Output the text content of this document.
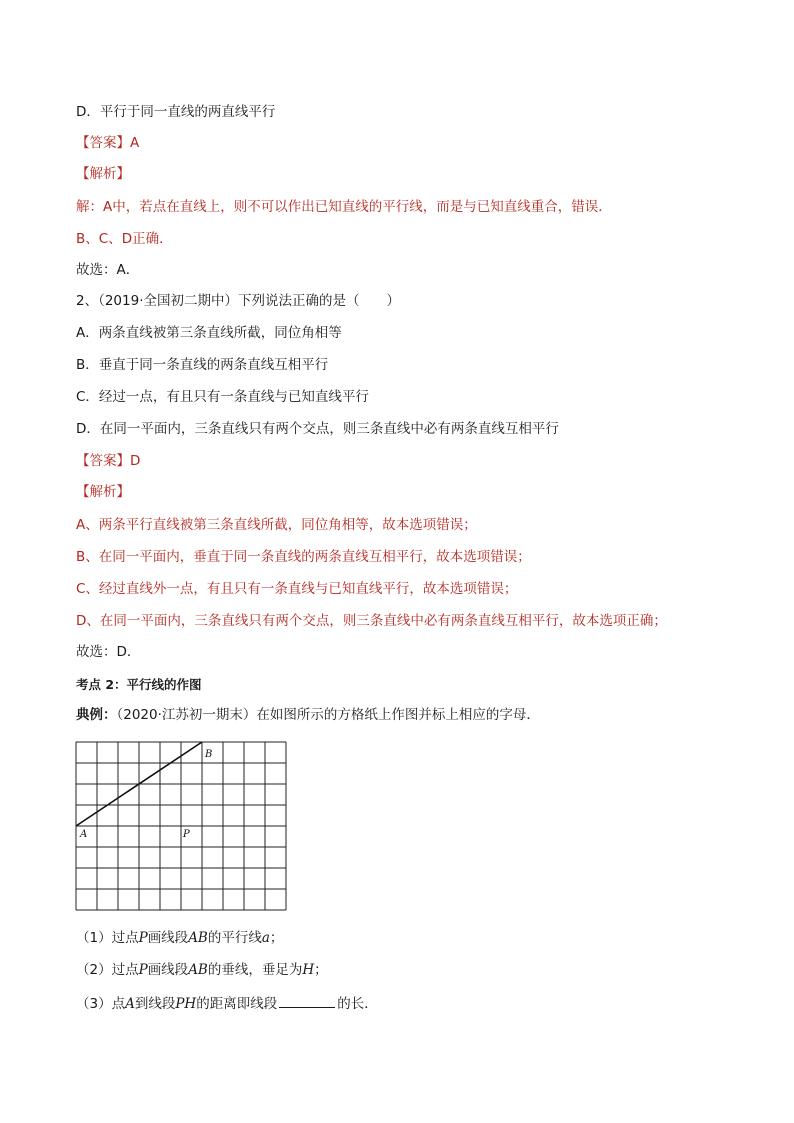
D．平行于同一直线的两直线平行
【答案】A
【解析】
解：A中，若点在直线上，则不可以作出已知直线的平行线，而是与已知直线重合，错误．
B、C、D正确．
故选：A．
2、（2019·全国初二期中）下列说法正确的是（　　）
A．两条直线被第三条直线所截，同位角相等
B．垂直于同一条直线的两条直线互相平行
C．经过一点，有且只有一条直线与已知直线平行
D．在同一平面内，三条直线只有两个交点，则三条直线中必有两条直线互相平行
【答案】D
【解析】
A、两条平行直线被第三条直线所截，同位角相等，故本选项错误；
B、在同一平面内，垂直于同一条直线的两条直线互相平行，故本选项错误；
C、经过直线外一点，有且只有一条直线与已知直线平行，故本选项错误；
D、在同一平面内，三条直线只有两个交点，则三条直线中必有两条直线互相平行，故本选项正确；
故选：D．
考点 2：平行线的作图
典例：（2020·江苏初一期末）在如图所示的方格纸上作图并标上相应的字母．
A
B
P
（1）过点P画线段AB的平行线a；
（2）过点P画线段AB的垂线，垂足为H；
（3）点A到线段PH的距离即线段	的长．
